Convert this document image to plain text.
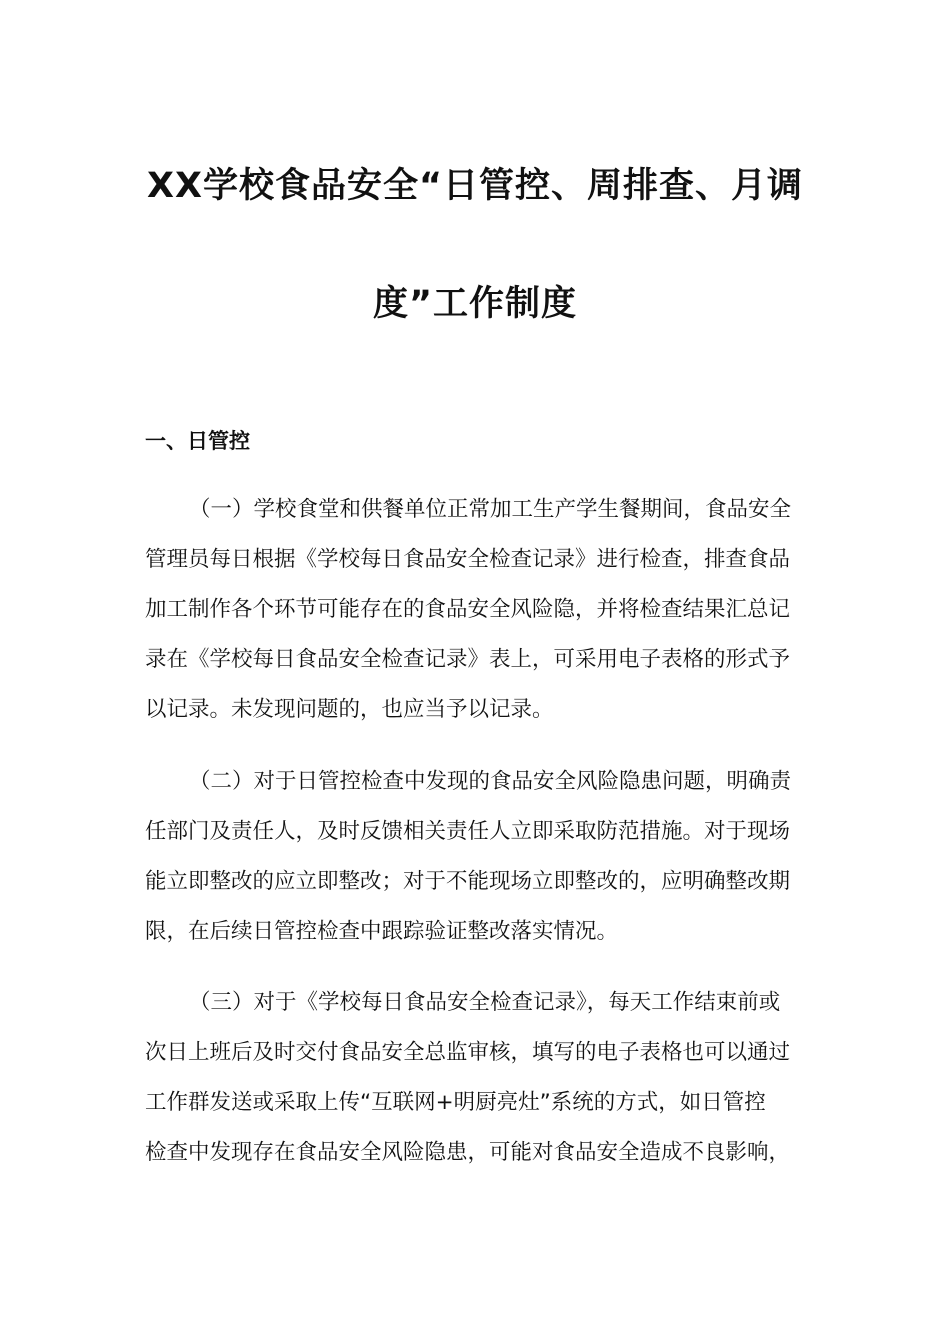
XX学校食品安全“日管控、周排查、月调
度”工作制度
一、日管控
（一）学校食堂和供餐单位正常加工生产学生餐期间，食品安全
管理员每日根据《学校每日食品安全检查记录》进行检查，排查食品
加工制作各个环节可能存在的食品安全风险隐，并将检查结果汇总记
录在《学校每日食品安全检查记录》表上，可采用电子表格的形式予
以记录。未发现问题的，也应当予以记录。
（二）对于日管控检查中发现的食品安全风险隐患问题，明确责
任部门及责任人，及时反馈相关责任人立即采取防范措施。对于现场
能立即整改的应立即整改；对于不能现场立即整改的，应明确整改期
限，在后续日管控检查中跟踪验证整改落实情况。
（三）对于《学校每日食品安全检查记录》，每天工作结束前或
次日上班后及时交付食品安全总监审核，填写的电子表格也可以通过
工作群发送或采取上传“互联网+明厨亮灶”系统的方式，如日管控
检查中发现存在食品安全风险隐患，可能对食品安全造成不良影响，
